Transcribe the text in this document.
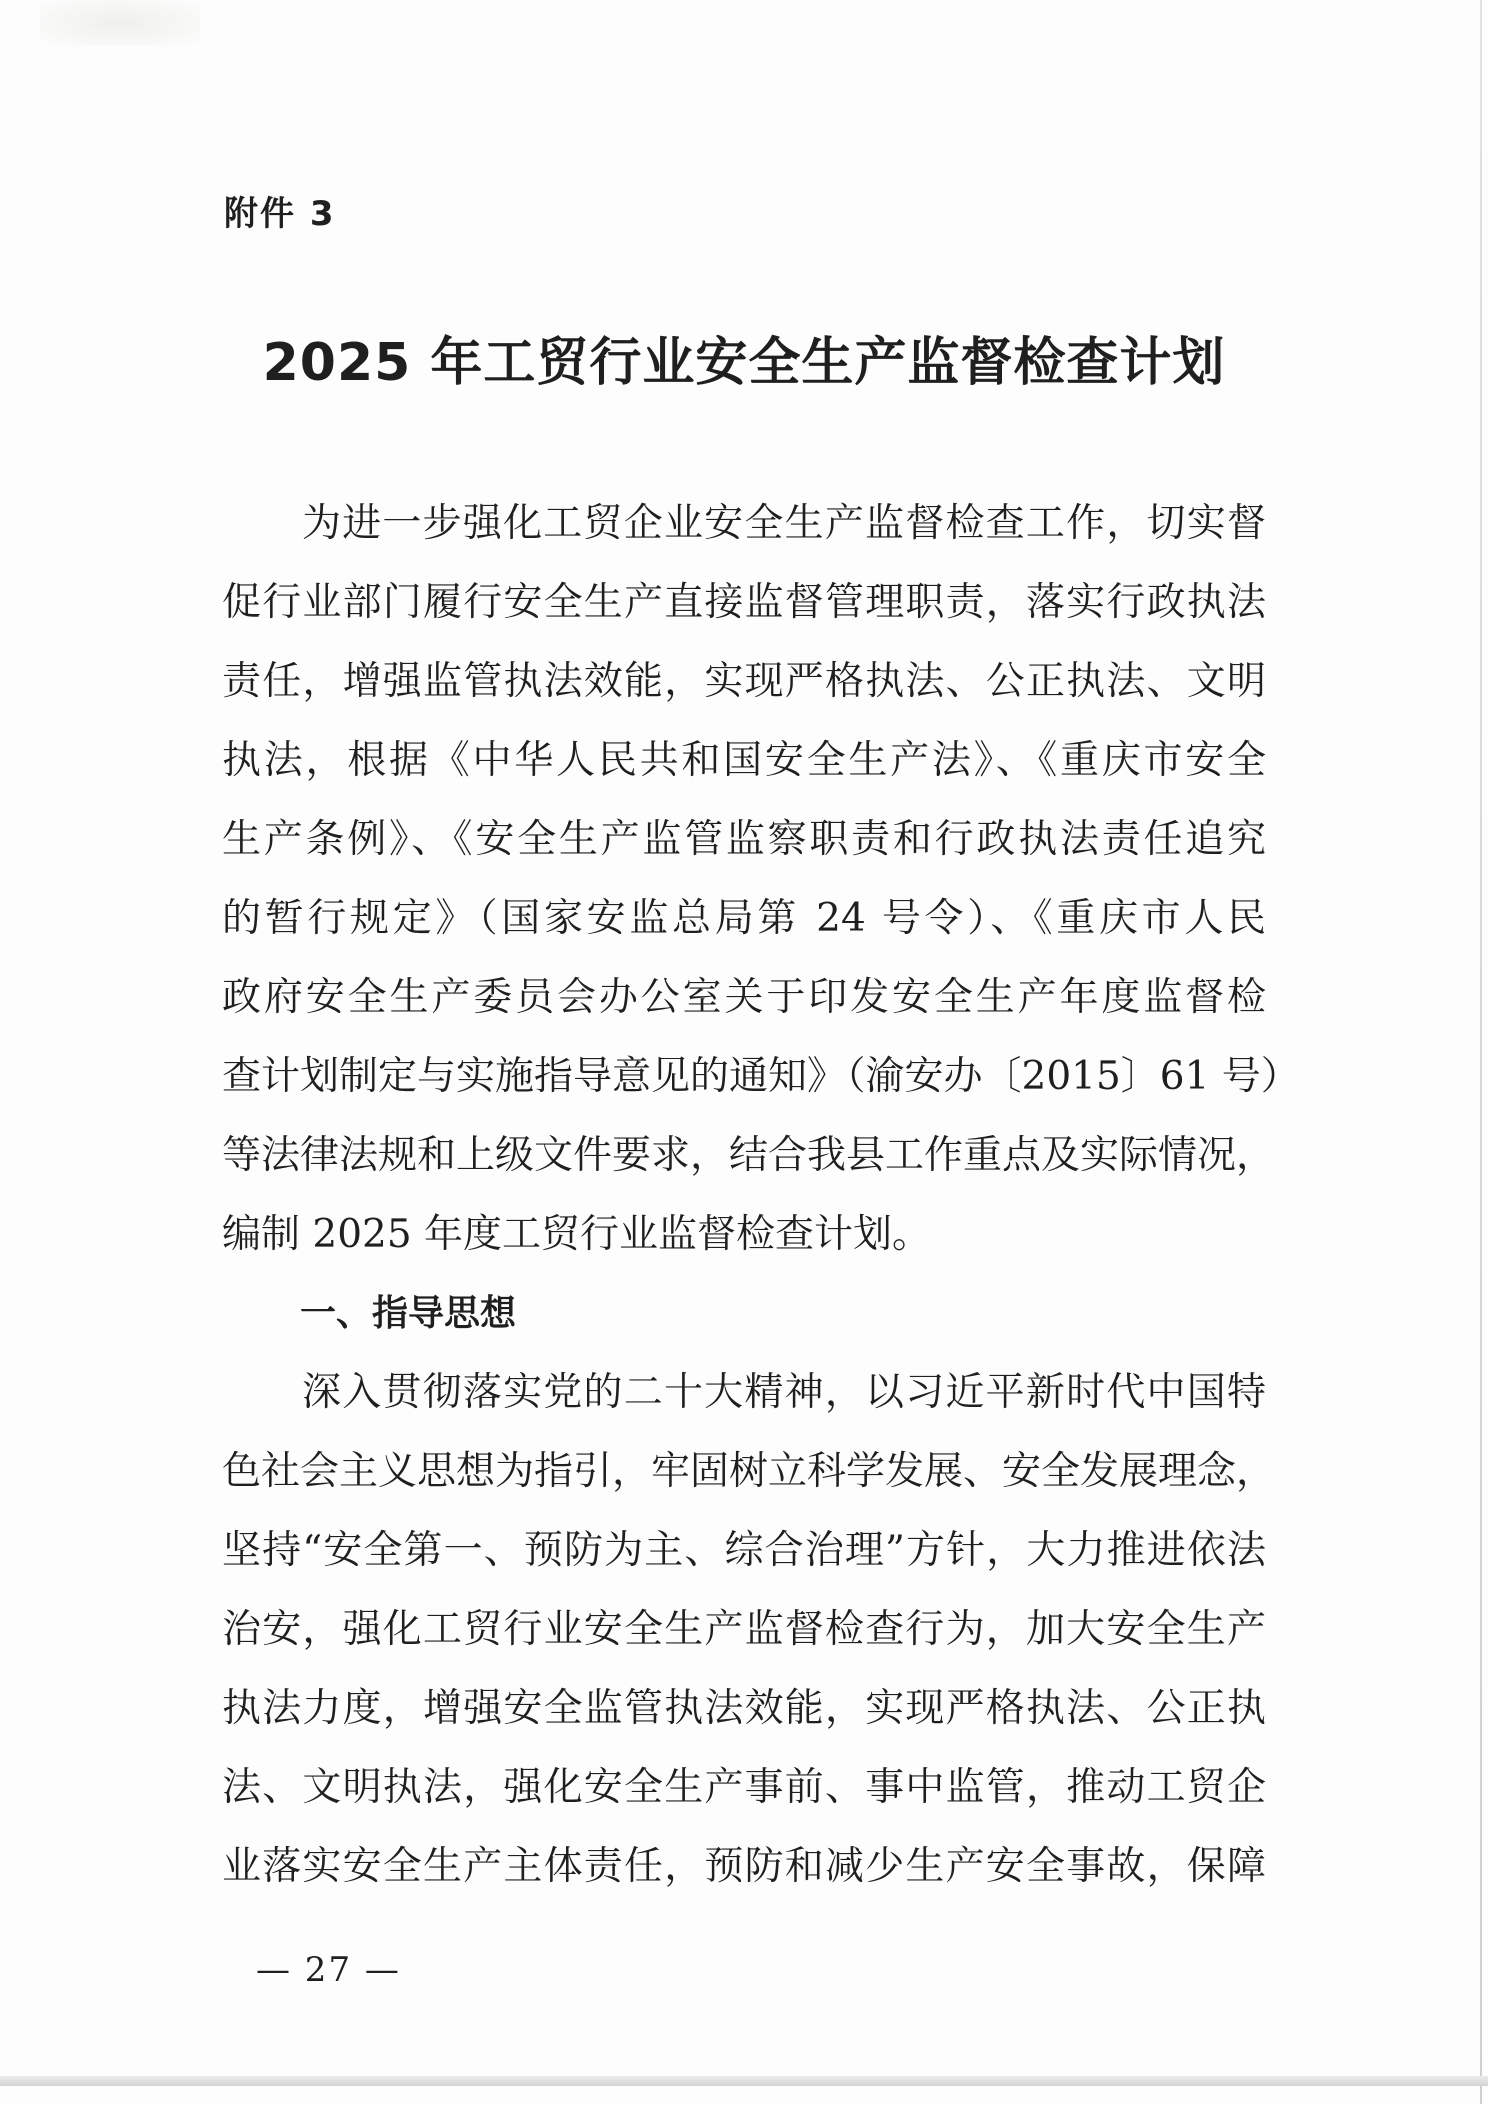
附件 3
2025 年工贸行业安全生产监督检查计划
为进一步强化工贸企业安全生产监督检查工作，切实督
促行业部门履行安全生产直接监督管理职责，落实行政执法
责任，增强监管执法效能，实现严格执法、公正执法、文明
执法，根据《中华人民共和国安全生产法》、《重庆市安全
生产条例》、《安全生产监管监察职责和行政执法责任追究
的暂行规定》（国家安监总局第 24 号令）、《重庆市人民
政府安全生产委员会办公室关于印发安全生产年度监督检
查计划制定与实施指导意见的通知》（渝安办〔2015〕61 号）
等法律法规和上级文件要求，结合我县工作重点及实际情况，
编制 2025 年度工贸行业监督检查计划。
一、指导思想
深入贯彻落实党的二十大精神，以习近平新时代中国特
色社会主义思想为指引，牢固树立科学发展、安全发展理念，
坚持“安全第一、预防为主、综合治理”方针，大力推进依法
治安，强化工贸行业安全生产监督检查行为，加大安全生产
执法力度，增强安全监管执法效能，实现严格执法、公正执
法、文明执法，强化安全生产事前、事中监管，推动工贸企
业落实安全生产主体责任，预防和减少生产安全事故，保障
— 27 —
